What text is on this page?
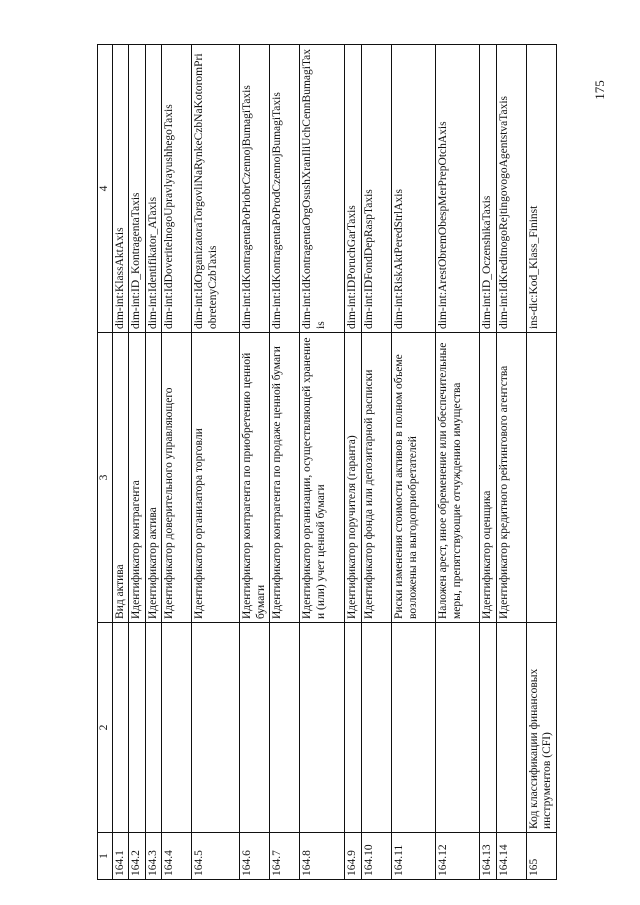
1	2	3	4
164.1		Вид актива	dim-int:KlassAktAxis
164.2		Идентификатор контрагента	dim-int:ID_KontragentaTaxis
164.3		Идентификатор актива	dim-int:Identifikator_ATaxis
164.4		Идентификатор доверительного управляющего	dim-int:IdDoveritelnogoUpravlyayushhegoTaxis
164.5		Идентификатор организатора торговли	dim-int:IdOrganizatoraTorgovliNaRynkeCzbNaKotoromPriobretenyCzbTaxis
164.6		Идентификатор контрагента по приобретению ценной бумаги	dim-int:IdKontragentaPoPriobrCzennojBumagiTaxis
164.7		Идентификатор контрагента по продаже ценной бумаги	dim-int:IdKontragentaPoProdCzennojBumagiTaxis
164.8		Идентификатор организации, осуществляющей хранение и (или) учет ценной бумаги	dim-int:IdKontragentaOrgOsushXranIliUchCennBumagiTaxis
164.9		Идентификатор поручителя (гаранта)	dim-int:IDPoruchGarTaxis
164.10		Идентификатор фонда или депозитарной расписки	dim-int:IDFondDepRaspTaxis
164.11		Риски изменения стоимости активов в полном объеме возложены на выгодоприобретателей	dim-int:RiskAktPeredStrlAxis
164.12		Наложен арест, иное обременение или обеспечительные меры, препятствующие отчуждению имущества	dim-int:ArestObremObespMerPrepOtchAxis
164.13		Идентификатор оценщика	dim-int:ID_OczenshikaTaxis
164.14		Идентификатор кредитного рейтингового агентства	dim-int:IdKreditnogoRejtingovogoAgentstvaTaxis
165	Код классификации финансовых инструментов (CFI)		ins-dic:Kod_Klass_Fininst
175
